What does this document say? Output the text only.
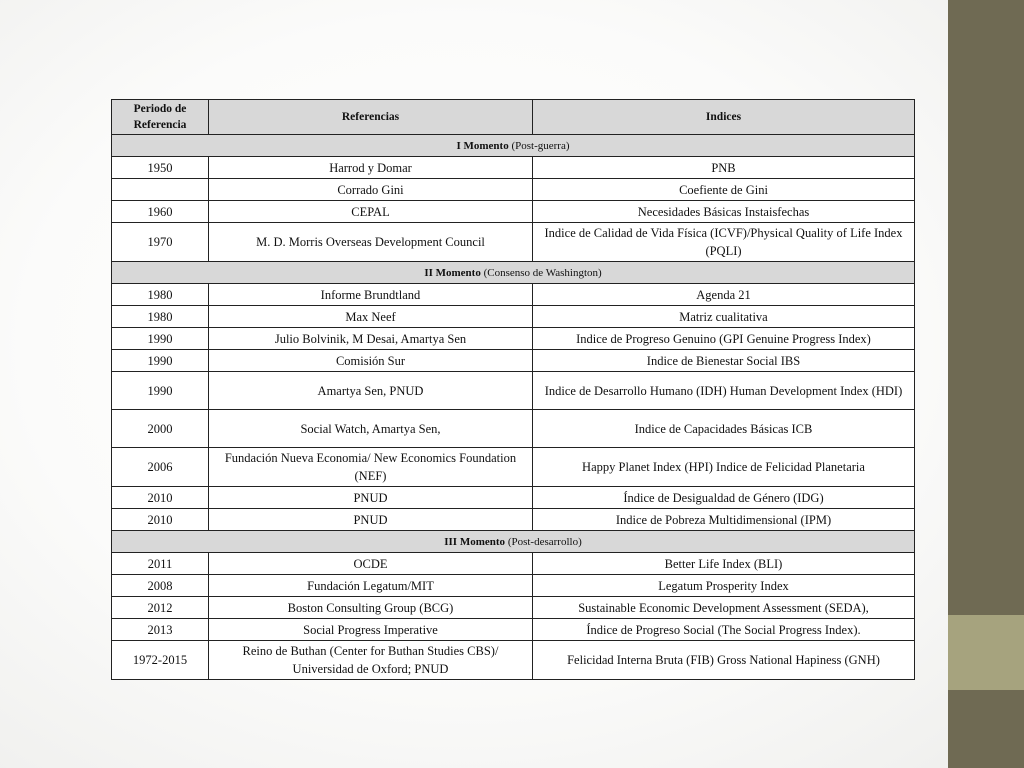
Periodo de Referencia	Referencias	Indices
I Momento (Post-guerra)		
1950	Harrod y Domar	PNB
	Corrado Gini	Coefiente de Gini
1960	CEPAL	Necesidades Básicas Instaisfechas
1970	M. D. Morris Overseas Development Council	Indice de Calidad de Vida Física (ICVF)/Physical Quality of Life Index (PQLI)
II Momento (Consenso de Washington)		
1980	Informe Brundtland	Agenda 21
1980	Max Neef	Matriz cualitativa
1990	Julio Bolvinik, M Desai, Amartya Sen	Indice de Progreso Genuino (GPI Genuine Progress Index)
1990	Comisión Sur	Indice de Bienestar Social IBS
1990	Amartya Sen, PNUD	Indice de Desarrollo Humano (IDH) Human Development Index (HDI)
2000	Social Watch, Amartya Sen,	Indice de Capacidades Básicas ICB
2006	Fundación Nueva Economia/ New Economics Foundation (NEF)	Happy Planet Index (HPI) Indice de Felicidad Planetaria
2010	PNUD	Índice de Desigualdad de Género (IDG)
2010	PNUD	Indice de Pobreza Multidimensional (IPM)
III Momento (Post-desarrollo)		
2011	OCDE	Better Life Index (BLI)
2008	Fundación Legatum/MIT	Legatum Prosperity Index
2012	Boston Consulting Group (BCG)	Sustainable Economic Development Assessment (SEDA),
2013	Social Progress Imperative	Índice de Progreso Social (The Social Progress Index).
1972-2015	Reino de Buthan (Center for Buthan Studies CBS)/ Universidad de Oxford; PNUD	Felicidad Interna Bruta (FIB) Gross National Hapiness (GNH)
